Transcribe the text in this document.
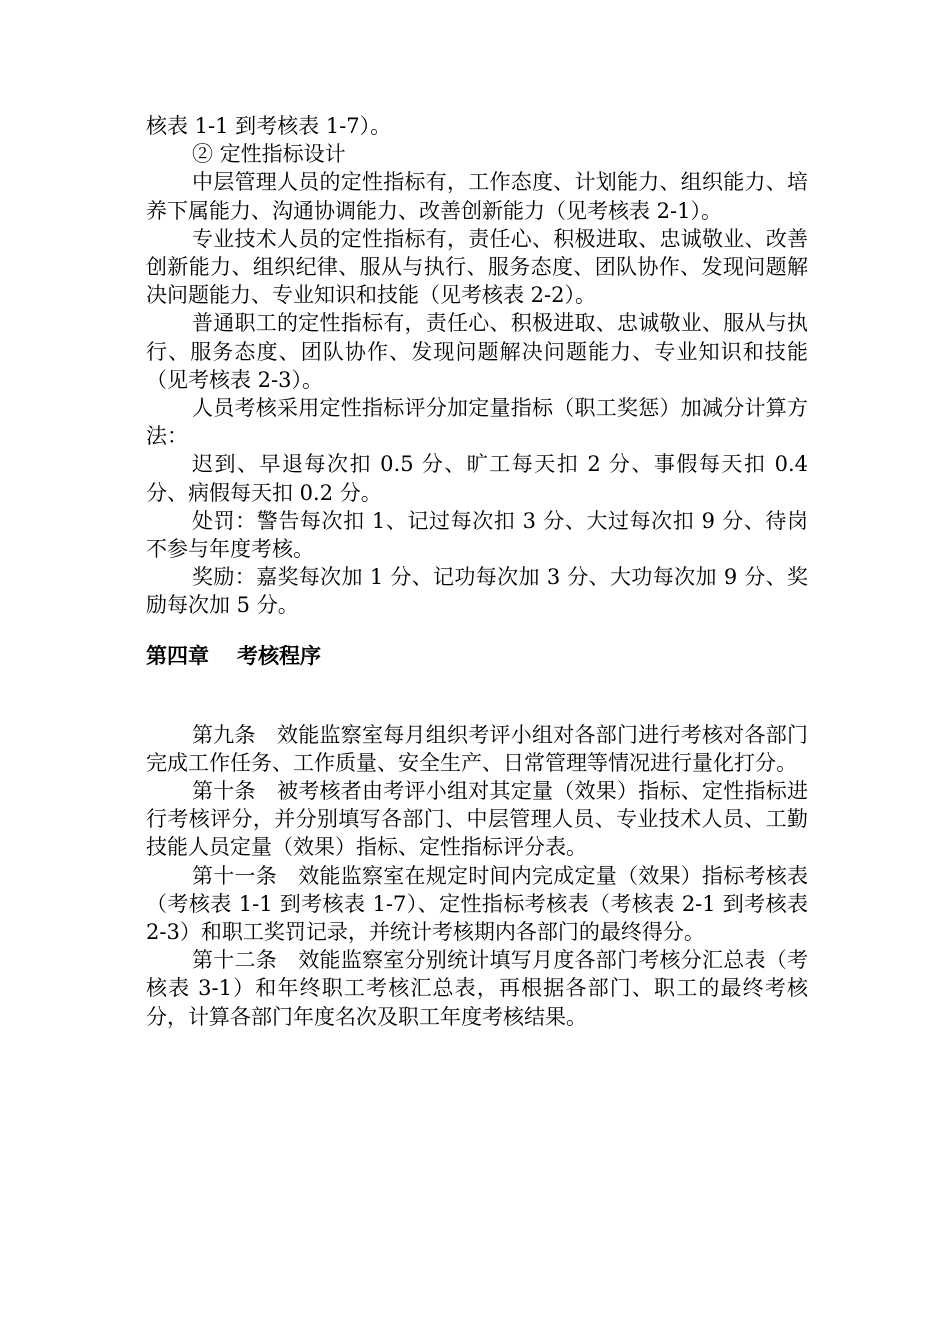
核表 1-1 到考核表 1-7）。

② 定性指标设计

中层管理人员的定性指标有，工作态度、计划能力、组织能力、培养下属能力、沟通协调能力、改善创新能力（见考核表 2-1）。

专业技术人员的定性指标有，责任心、积极进取、忠诚敬业、改善创新能力、组织纪律、服从与执行、服务态度、团队协作、发现问题解决问题能力、专业知识和技能（见考核表 2-2）。

普通职工的定性指标有，责任心、积极进取、忠诚敬业、服从与执行、服务态度、团队协作、发现问题解决问题能力、专业知识和技能（见考核表 2-3）。

人员考核采用定性指标评分加定量指标（职工奖惩）加减分计算方法：

迟到、早退每次扣 0.5 分、旷工每天扣 2 分、事假每天扣 0.4 分、病假每天扣 0.2 分。

处罚：警告每次扣 1、记过每次扣 3 分、大过每次扣 9 分、待岗不参与年度考核。

奖励：嘉奖每次加 1 分、记功每次加 3 分、大功每次加 9 分、奖励每次加 5 分。

第四章 考核程序

第九条　效能监察室每月组织考评小组对各部门进行考核对各部门完成工作任务、工作质量、安全生产、日常管理等情况进行量化打分。

第十条　被考核者由考评小组对其定量（效果）指标、定性指标进行考核评分，并分别填写各部门、中层管理人员、专业技术人员、工勤技能人员定量（效果）指标、定性指标评分表。

第十一条　效能监察室在规定时间内完成定量（效果）指标考核表（考核表 1-1 到考核表 1-7）、定性指标考核表（考核表 2-1 到考核表 2-3）和职工奖罚记录，并统计考核期内各部门的最终得分。

第十二条　效能监察室分别统计填写月度各部门考核分汇总表（考核表 3-1）和年终职工考核汇总表，再根据各部门、职工的最终考核分，计算各部门年度名次及职工年度考核结果。
